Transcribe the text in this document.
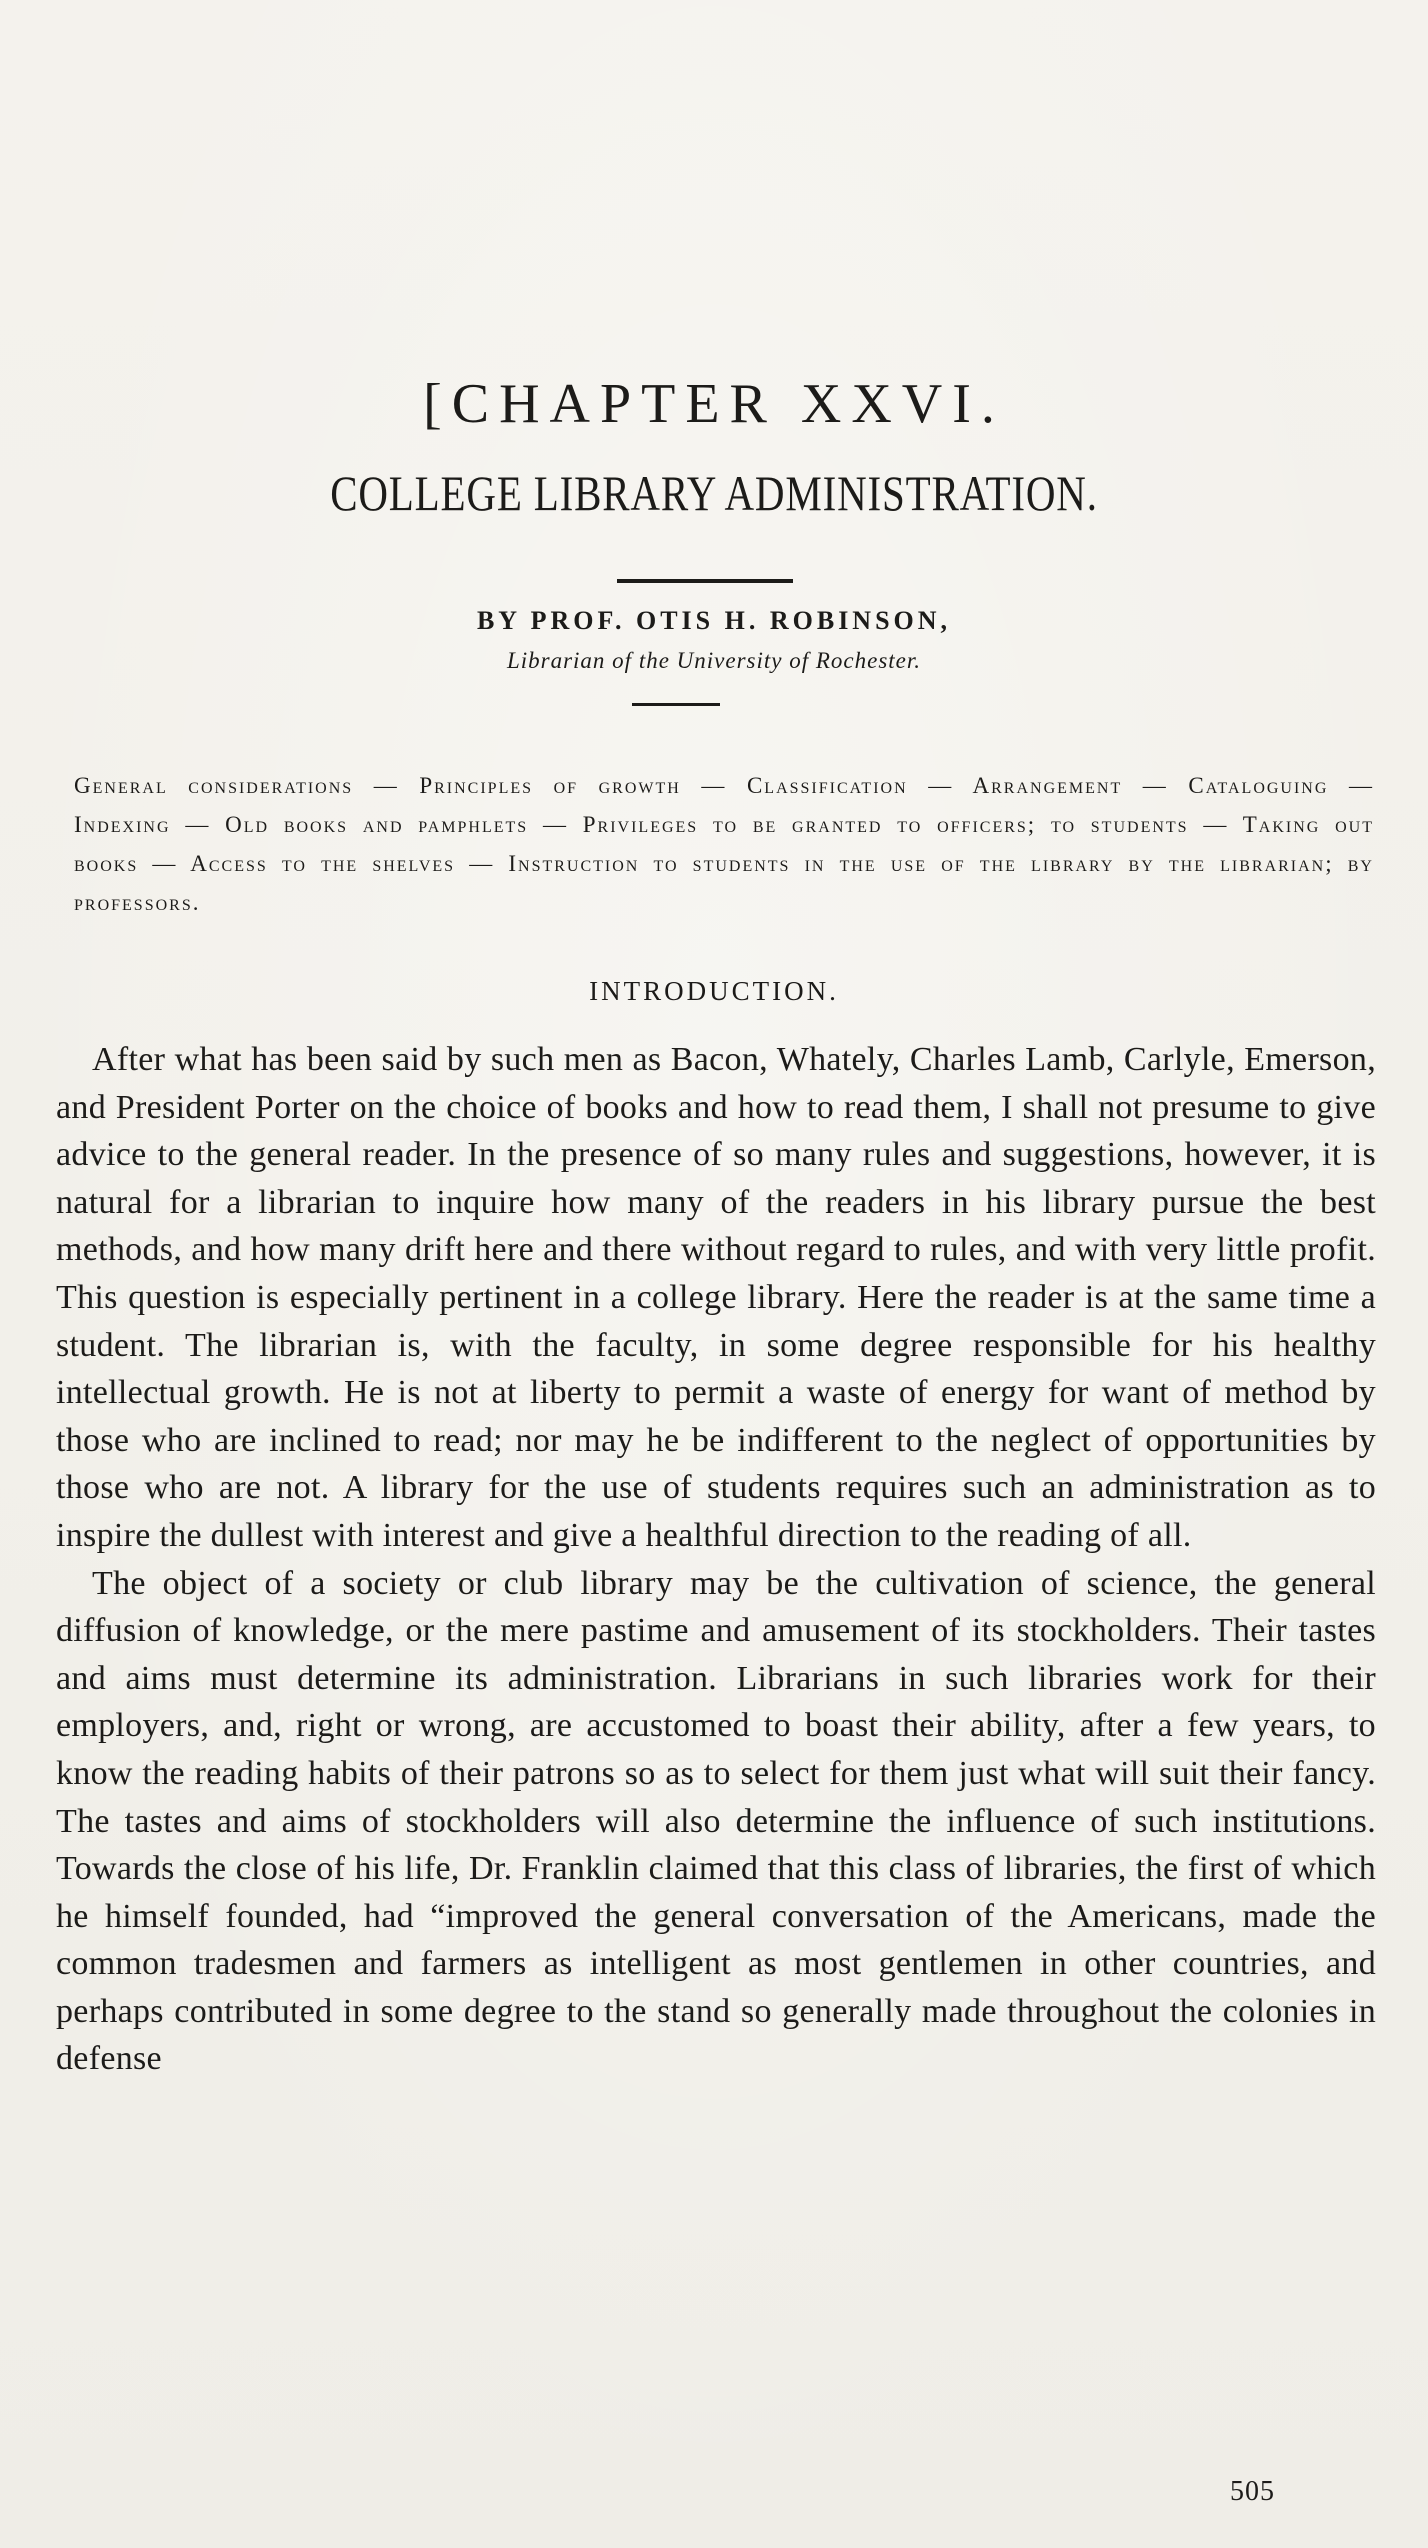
[CHAPTER XXVI.
COLLEGE LIBRARY ADMINISTRATION.
BY PROF. OTIS H. ROBINSON,
Librarian of the University of Rochester.
General considerations — Principles of growth — Classification — Arrangement — Cataloguing — Indexing — Old books and pamphlets — Privileges to be granted to officers; to students — Taking out books — Access to the shelves — Instruction to students in the use of the library by the librarian; by professors.
INTRODUCTION.

After what has been said by such men as Bacon, Whately, Charles Lamb, Carlyle, Emerson, and President Porter on the choice of books and how to read them, I shall not presume to give advice to the general reader. In the presence of so many rules and suggestions, however, it is natural for a librarian to inquire how many of the readers in his library pursue the best methods, and how many drift here and there without regard to rules, and with very little profit. This question is especially pertinent in a college library. Here the reader is at the same time a student. The librarian is, with the faculty, in some degree responsible for his healthy intellectual growth. He is not at liberty to permit a waste of energy for want of method by those who are inclined to read; nor may he be indifferent to the neglect of opportunities by those who are not. A library for the use of students requires such an administration as to inspire the dullest with interest and give a healthful direction to the reading of all.

The object of a society or club library may be the cultivation of science, the general diffusion of knowledge, or the mere pastime and amusement of its stockholders. Their tastes and aims must determine its administration. Librarians in such libraries work for their employers, and, right or wrong, are accustomed to boast their ability, after a few years, to know the reading habits of their patrons so as to select for them just what will suit their fancy. The tastes and aims of stockholders will also determine the influence of such institutions. Towards the close of his life, Dr. Franklin claimed that this class of libraries, the first of which he himself founded, had “improved the general conversation of the Americans, made the common tradesmen and farmers as intelligent as most gentlemen in other countries, and perhaps contributed in some degree to the stand so generally made throughout the colonies in defense

505
